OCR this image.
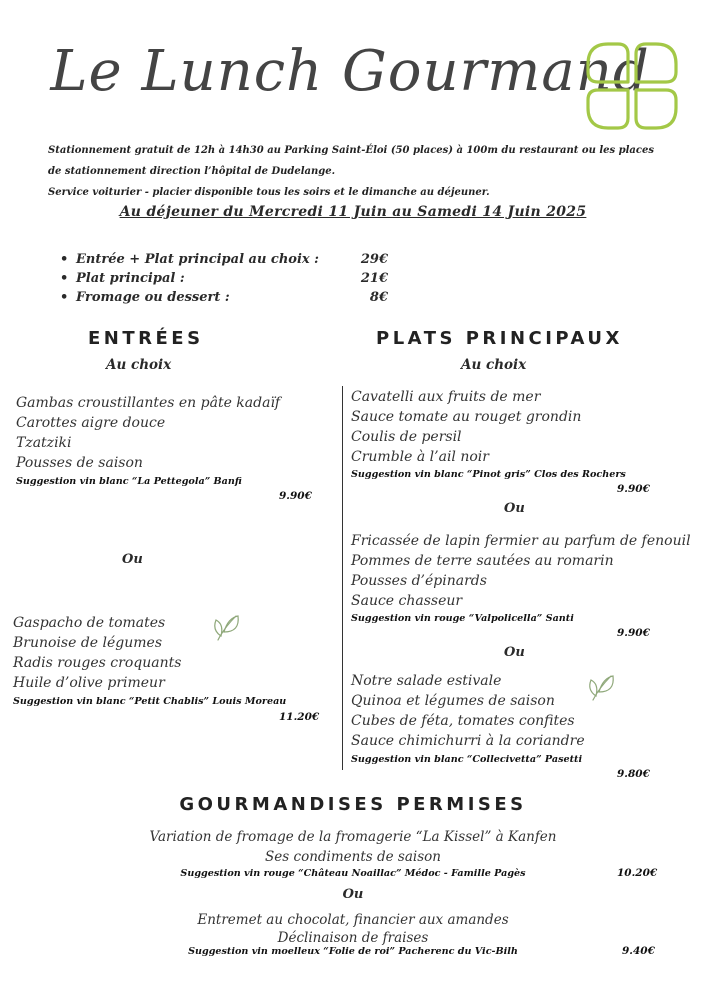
Le Lunch Gourmand
Stationnement gratuit de 12h à 14h30 au Parking Saint-Éloi (50 places) à 100m du restaurant ou les places
de stationnement direction l’hôpital de Dudelange.
Service voiturier - placier disponible tous les soirs et le dimanche au déjeuner.
Au déjeuner du Mercredi 11 Juin au Samedi 14 Juin 2025
• Entrée + Plat principal au choix :	29€
• Plat principal :	21€
• Fromage ou dessert :	8€
ENTRÉES
Au choix
Gambas croustillantes en pâte kadaïf
Carottes aigre douce
Tzatziki
Pousses de saison
Suggestion vin blanc “La Pettegola” Banfi
9.90€
Ou
Gaspacho de tomates
Brunoise de légumes
Radis rouges croquants
Huile d’olive primeur
Suggestion vin blanc “Petit Chablis” Louis Moreau
11.20€
PLATS PRINCIPAUX
Au choix
Cavatelli aux fruits de mer
Sauce tomate au rouget grondin
Coulis de persil
Crumble à l’ail noir
Suggestion vin blanc “Pinot gris” Clos des Rochers
9.90€
Ou
Fricassée de lapin fermier au parfum de fenouil
Pommes de terre sautées au romarin
Pousses d’épinards
Sauce chasseur
Suggestion vin rouge “Valpolicella” Santi
9.90€
Ou
Notre salade estivale
Quinoa et légumes de saison
Cubes de féta, tomates confites
Sauce chimichurri à la coriandre
Suggestion vin blanc “Collecivetta” Pasetti
9.80€
GOURMANDISES PERMISES
Variation de fromage de la fromagerie “La Kissel” à Kanfen
Ses condiments de saison
Suggestion vin rouge “Château Noaillac” Médoc - Famille Pagès	10.20€
Ou
Entremet au chocolat, financier aux amandes
Déclinaison de fraises
Suggestion vin moelleux “Folie de roi” Pacherenc du Vic-Bilh	9.40€
